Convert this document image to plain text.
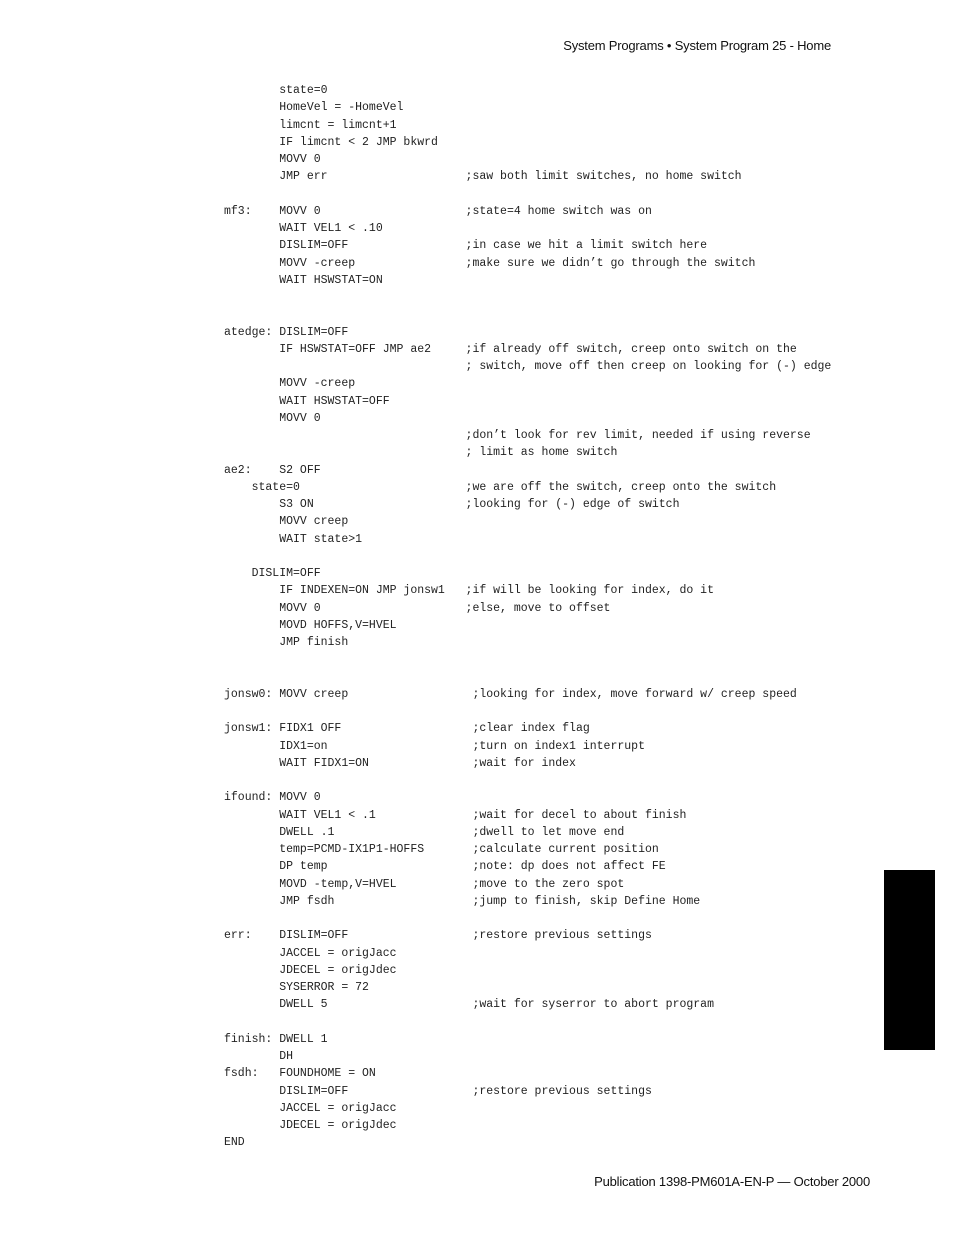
System Programs • System Program 25 - Home
state=0
HomeVel = -HomeVel
limcnt = limcnt+1
IF limcnt < 2 JMP bkwrd
MOVV 0
JMP err                    ;saw both limit switches, no home switch

mf3:    MOVV 0                     ;state=4 home switch was on
WAIT VEL1 < .10
DISLIM=OFF                 ;in case we hit a limit switch here
MOVV -creep                ;make sure we didn’t go through the switch
WAIT HSWSTAT=ON

atedge: DISLIM=OFF
IF HSWSTAT=OFF JMP ae2     ;if already off switch, creep onto switch on the
; switch, move off then creep on looking for (-) edge
MOVV -creep
WAIT HSWSTAT=OFF
MOVV 0
;don’t look for rev limit, needed if using reverse
; limit as home switch
ae2:    S2 OFF
state=0                        ;we are off the switch, creep onto the switch
S3 ON                      ;looking for (-) edge of switch
MOVV creep
WAIT state>1

DISLIM=OFF
IF INDEXEN=ON JMP jonsw1   ;if will be looking for index, do it
MOVV 0                     ;else, move to offset
MOVD HOFFS,V=HVEL
JMP finish

jonsw0: MOVV creep                  ;looking for index, move forward w/ creep speed

jonsw1: FIDX1 OFF                   ;clear index flag
IDX1=on                     ;turn on index1 interrupt
WAIT FIDX1=ON               ;wait for index

ifound: MOVV 0
WAIT VEL1 < .1              ;wait for decel to about finish
DWELL .1                    ;dwell to let move end
temp=PCMD-IX1P1-HOFFS       ;calculate current position
DP temp                     ;note: dp does not affect FE
MOVD -temp,V=HVEL           ;move to the zero spot
JMP fsdh                    ;jump to finish, skip Define Home

err:    DISLIM=OFF                  ;restore previous settings
JACCEL = origJacc
JDECEL = origJdec
SYSERROR = 72
DWELL 5                     ;wait for syserror to abort program

finish: DWELL 1
DH
fsdh:   FOUNDHOME = ON
DISLIM=OFF                  ;restore previous settings
JACCEL = origJacc
JDECEL = origJdec
END
Publication 1398-PM601A-EN-P — October 2000
